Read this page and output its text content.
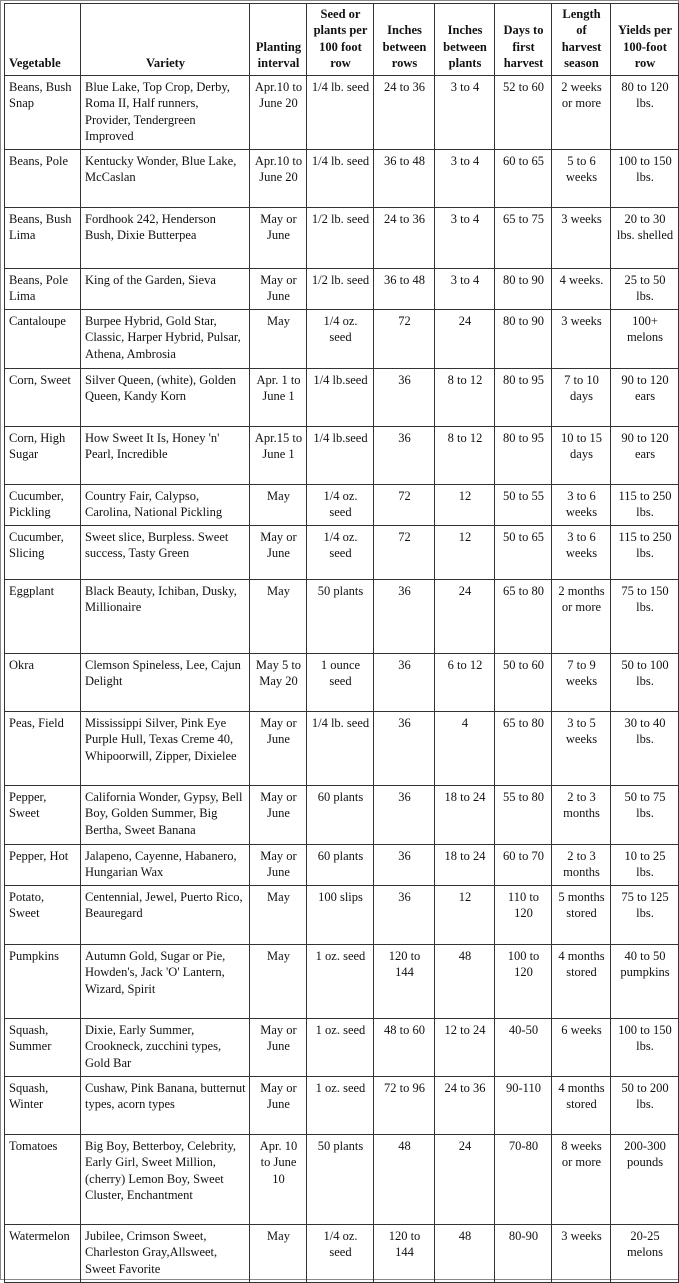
Vegetable	Variety	Planting interval	Seed or plants per 100 foot row	Inches between rows	Inches between plants	Days to first harvest	Length of harvest season	Yields per 100-foot row
Beans, Bush Snap	Blue Lake, Top Crop, Derby, Roma II, Half runners, Provider, Tendergreen Improved	Apr.10 to June 20	1/4 lb. seed	24 to 36	3 to 4	52 to 60	2 weeks or more	80 to 120 lbs.
Beans, Pole	Kentucky Wonder, Blue Lake, McCaslan	Apr.10 to June 20	1/4 lb. seed	36 to 48	3 to 4	60 to 65	5 to 6 weeks	100 to 150 lbs.
Beans, Bush Lima	Fordhook 242, Henderson Bush, Dixie Butterpea	May or June	1/2 lb. seed	24 to 36	3 to 4	65 to 75	3 weeks	20 to 30 lbs. shelled
Beans, Pole Lima	King of the Garden, Sieva	May or June	1/2 lb. seed	36 to 48	3 to 4	80 to 90	4 weeks.	25 to 50 lbs.
Cantaloupe	Burpee Hybrid, Gold Star, Classic, Harper Hybrid, Pulsar, Athena, Ambrosia	May	1/4 oz. seed	72	24	80 to 90	3 weeks	100+ melons
Corn, Sweet	Silver Queen, (white), Golden Queen, Kandy Korn	Apr. 1 to June 1	1/4 lb.seed	36	8 to 12	80 to 95	7 to 10 days	90 to 120 ears
Corn, High Sugar	How Sweet It Is, Honey 'n' Pearl, Incredible	Apr.15 to June 1	1/4 lb.seed	36	8 to 12	80 to 95	10 to 15 days	90 to 120 ears
Cucumber, Pickling	Country Fair, Calypso, Carolina, National Pickling	May	1/4 oz. seed	72	12	50 to 55	3 to 6 weeks	115 to 250 lbs.
Cucumber, Slicing	Sweet slice, Burpless. Sweet success, Tasty Green	May or June	1/4 oz. seed	72	12	50 to 65	3 to 6 weeks	115 to 250 lbs.
Eggplant	Black Beauty, Ichiban, Dusky, Millionaire	May	50 plants	36	24	65 to 80	2 months or more	75 to 150 lbs.
Okra	Clemson Spineless, Lee, Cajun Delight	May 5 to May 20	1 ounce seed	36	6 to 12	50 to 60	7 to 9 weeks	50 to 100 lbs.
Peas, Field	Mississippi Silver, Pink Eye Purple Hull, Texas Creme 40, Whipoorwill, Zipper, Dixielee	May or June	1/4 lb. seed	36	4	65 to 80	3 to 5 weeks	30 to 40 lbs.
Pepper, Sweet	California Wonder, Gypsy, Bell Boy, Golden Summer, Big Bertha, Sweet Banana	May or June	60 plants	36	18 to 24	55 to 80	2 to 3 months	50 to 75 lbs.
Pepper, Hot	Jalapeno, Cayenne, Habanero, Hungarian Wax	May or June	60 plants	36	18 to 24	60 to 70	2 to 3 months	10 to 25 lbs.
Potato, Sweet	Centennial, Jewel, Puerto Rico, Beauregard	May	100 slips	36	12	110 to 120	5 months stored	75 to 125 lbs.
Pumpkins	Autumn Gold, Sugar or Pie, Howden's, Jack 'O' Lantern, Wizard, Spirit	May	1 oz. seed	120 to 144	48	100 to 120	4 months stored	40 to 50 pumpkins
Squash, Summer	Dixie, Early Summer, Crookneck, zucchini types, Gold Bar	May or June	1 oz. seed	48 to 60	12 to 24	40-50	6 weeks	100 to 150 lbs.
Squash, Winter	Cushaw, Pink Banana, butternut types, acorn types	May or June	1 oz. seed	72 to 96	24 to 36	90-110	4 months stored	50 to 200 lbs.
Tomatoes	Big Boy, Betterboy, Celebrity, Early Girl, Sweet Million, (cherry) Lemon Boy, Sweet Cluster, Enchantment	Apr. 10 to June 10	50 plants	48	24	70-80	8 weeks or more	200-300 pounds
Watermelon	Jubilee, Crimson Sweet, Charleston Gray,Allsweet, Sweet Favorite	May	1/4 oz. seed	120 to 144	48	80-90	3 weeks	20-25 melons
